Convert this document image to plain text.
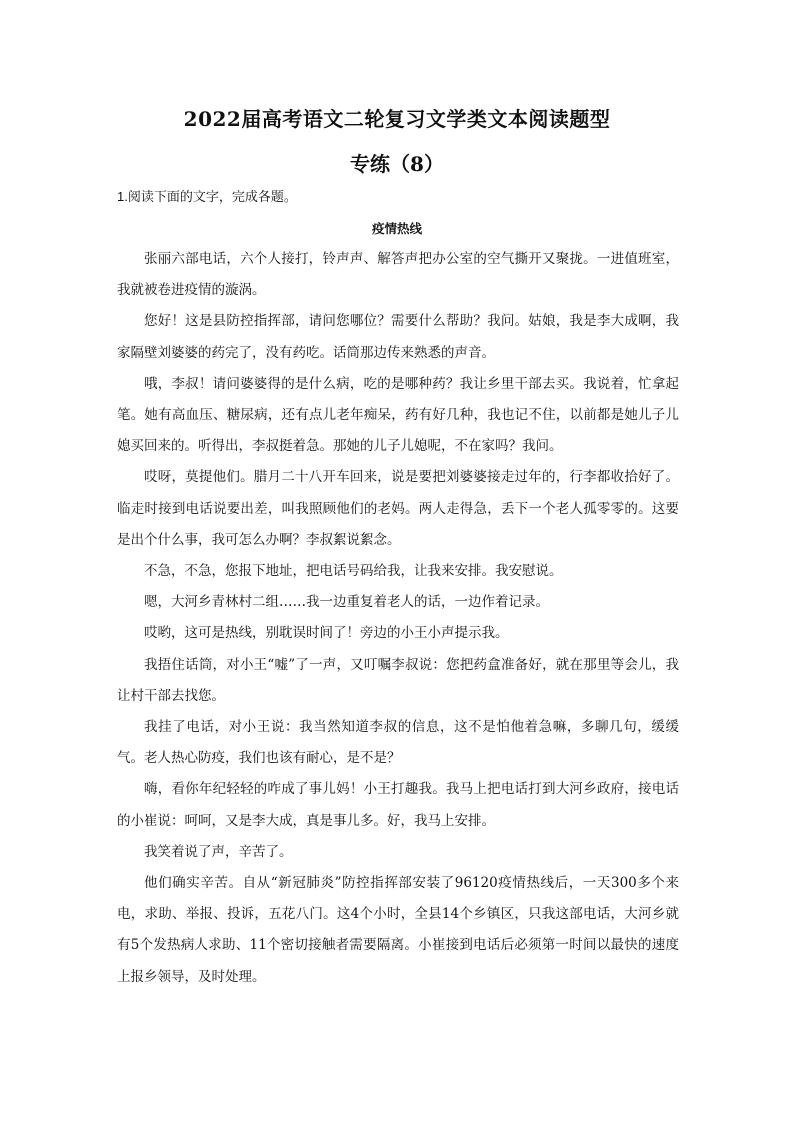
2022届高考语文二轮复习文学类文本阅读题型
专练（8）
1.阅读下面的文字，完成各题。
疫情热线

张丽六部电话，六个人接打，铃声声、解答声把办公室的空气撕开又聚拢。一进值班室，我就被卷进疫情的漩涡。

您好！这是县防控指挥部，请问您哪位？需要什么帮助？我问。姑娘，我是李大成啊，我家隔壁刘婆婆的药完了，没有药吃。话筒那边传来熟悉的声音。

哦，李叔！请问婆婆得的是什么病，吃的是哪种药？我让乡里干部去买。我说着，忙拿起笔。她有高血压、糖尿病，还有点儿老年痴呆，药有好几种，我也记不住，以前都是她儿子儿媳买回来的。听得出，李叔挺着急。那她的儿子儿媳呢，不在家吗？我问。

哎呀，莫提他们。腊月二十八开车回来，说是要把刘婆婆接走过年的，行李都收拾好了。临走时接到电话说要出差，叫我照顾他们的老妈。两人走得急，丢下一个老人孤零零的。这要是出个什么事，我可怎么办啊？李叔絮说絮念。

不急，不急，您报下地址，把电话号码给我，让我来安排。我安慰说。

嗯，大河乡青林村二组……我一边重复着老人的话，一边作着记录。

哎哟，这可是热线，别耽误时间了！旁边的小王小声提示我。

我捂住话筒，对小王“嘘”了一声，又叮嘱李叔说：您把药盒准备好，就在那里等会儿，我让村干部去找您。

我挂了电话，对小王说：我当然知道李叔的信息，这不是怕他着急嘛，多聊几句，缓缓气。老人热心防疫，我们也该有耐心，是不是？

嗨，看你年纪轻轻的咋成了事儿妈！小王打趣我。我马上把电话打到大河乡政府，接电话的小崔说：呵呵，又是李大成，真是事儿多。好，我马上安排。

我笑着说了声，辛苦了。

他们确实辛苦。自从“新冠肺炎”防控指挥部安装了96120疫情热线后，一天300多个来电，求助、举报、投诉，五花八门。这4个小时，全县14个乡镇区，只我这部电话，大河乡就有5个发热病人求助、11个密切接触者需要隔离。小崔接到电话后必须第一时间以最快的速度上报乡领导，及时处理。
